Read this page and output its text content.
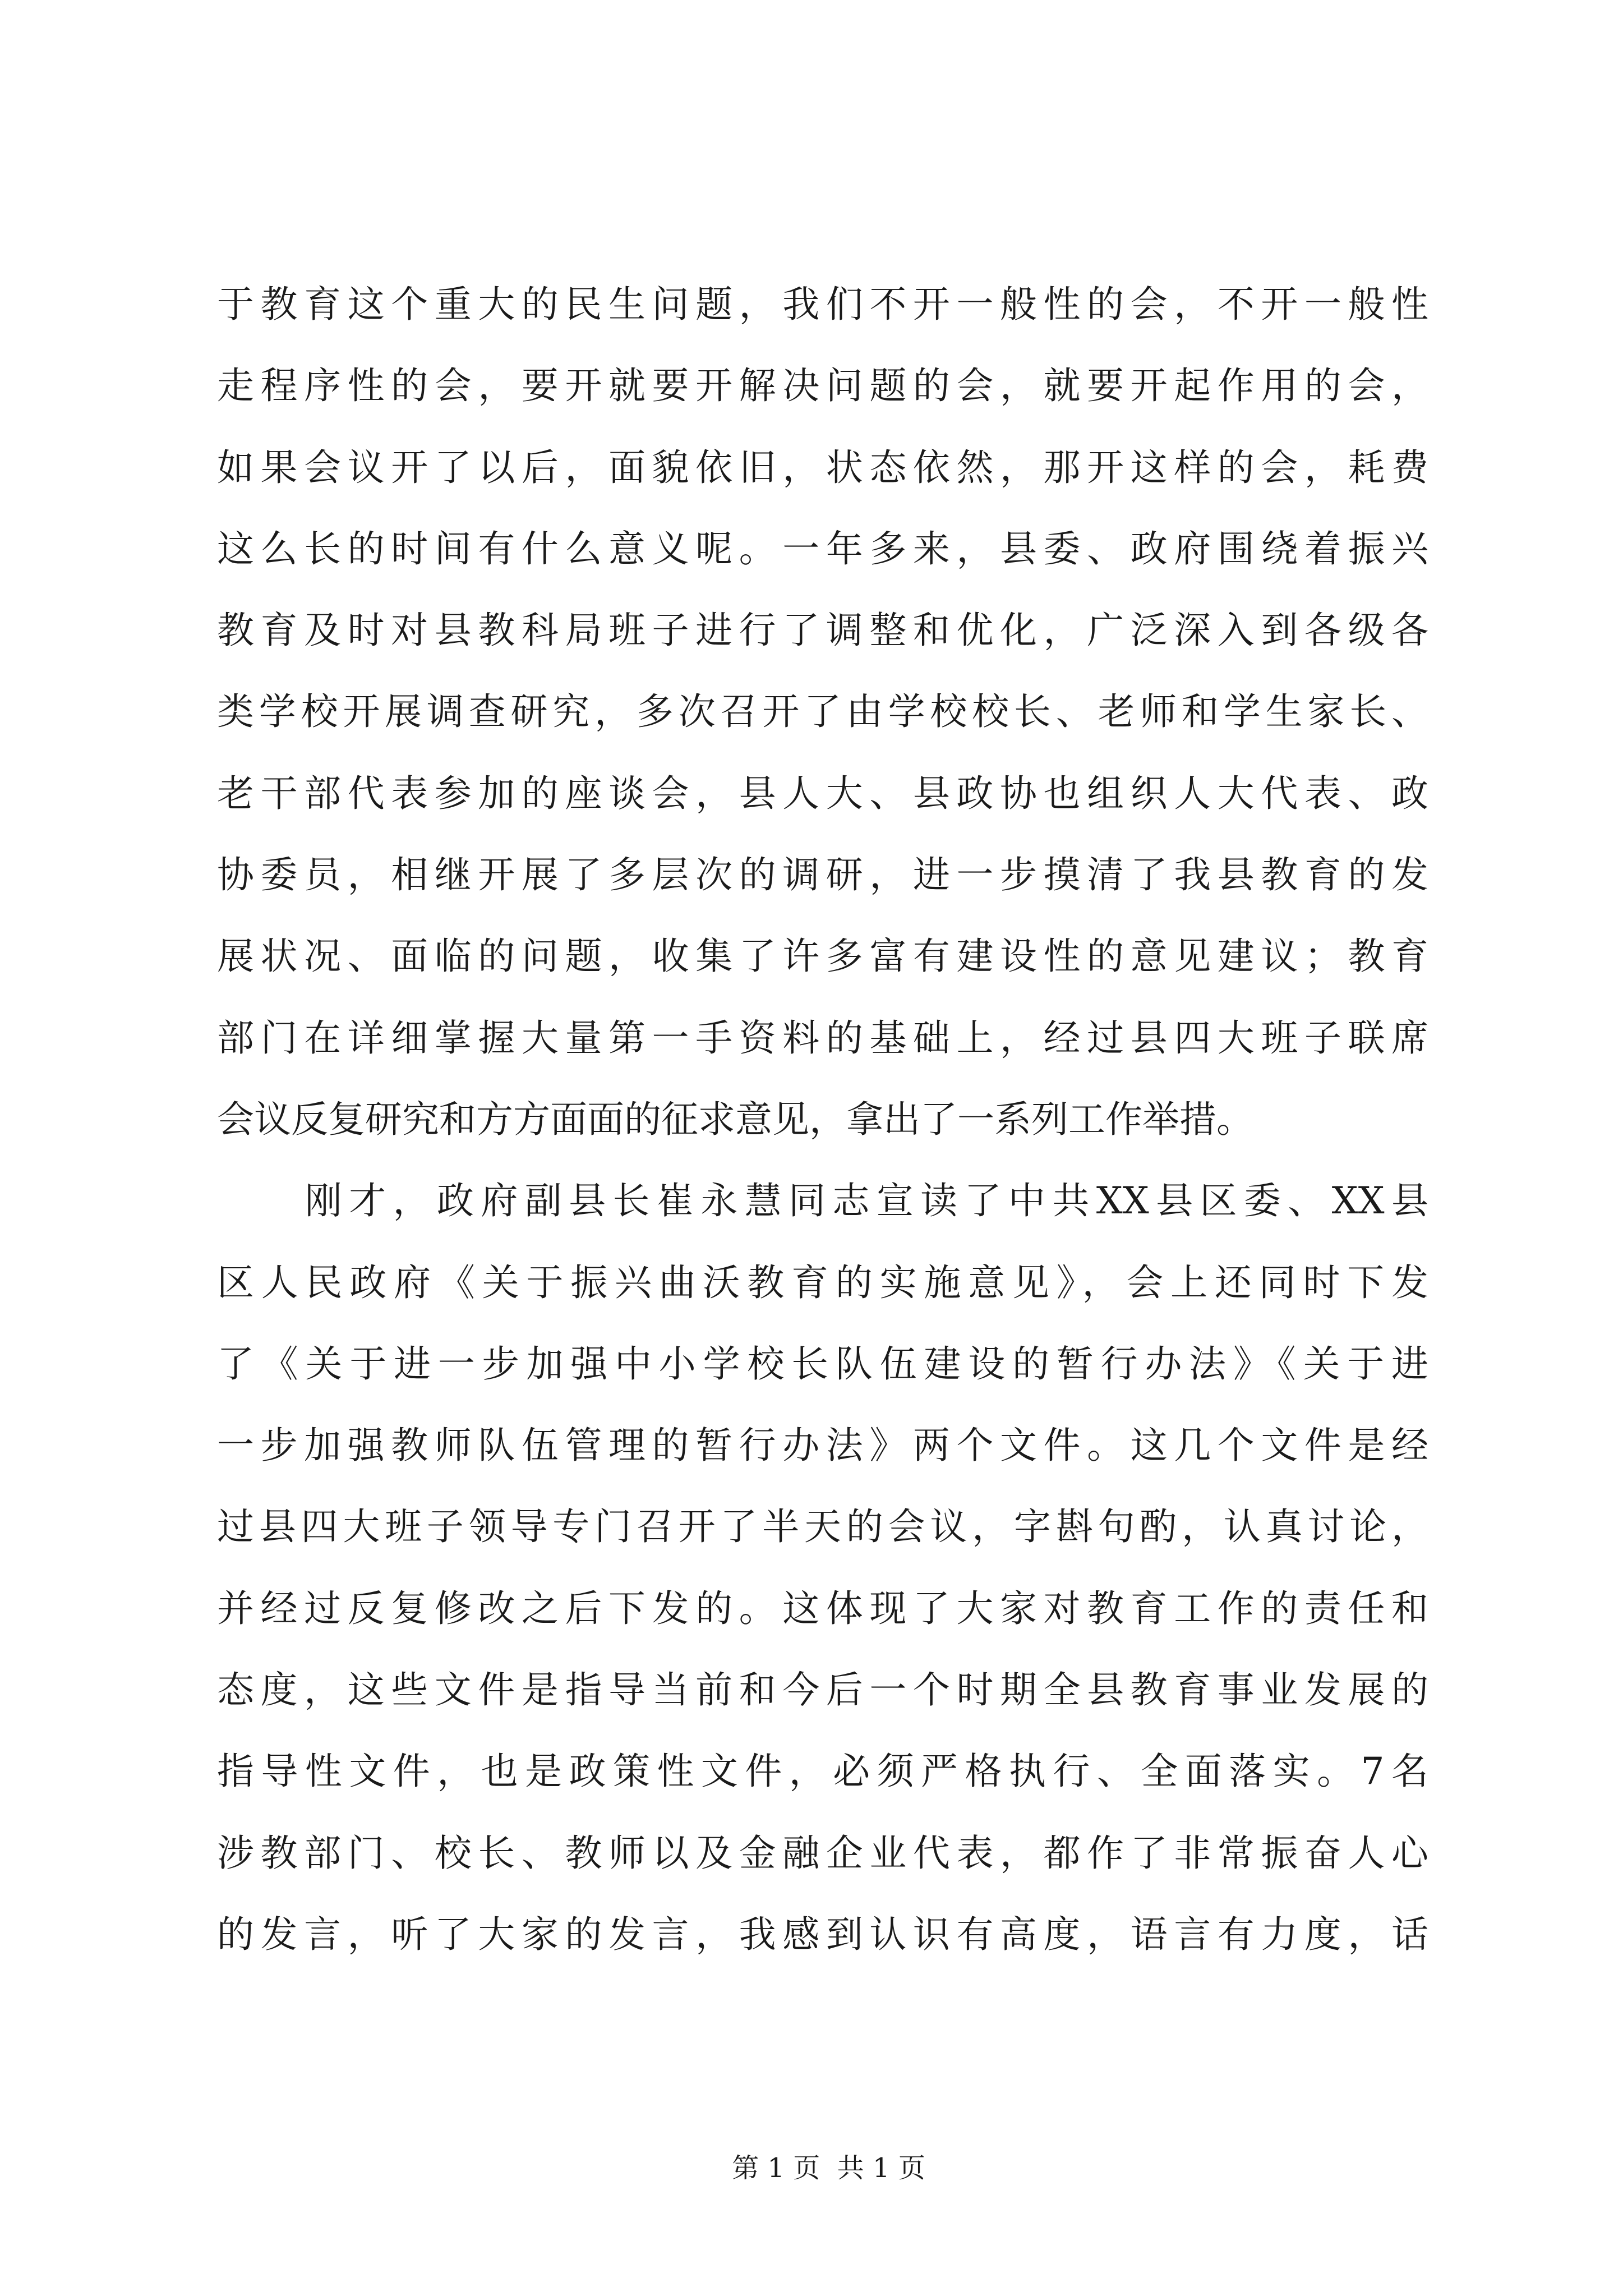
于教育这个重大的民生问题，我们不开一般性的会，不开一般性
走程序性的会，要开就要开解决问题的会，就要开起作用的会，
如果会议开了以后，面貌依旧，状态依然，那开这样的会，耗费
这么长的时间有什么意义呢。一年多来，县委、政府围绕着振兴
教育及时对县教科局班子进行了调整和优化，广泛深入到各级各
类学校开展调查研究，多次召开了由学校校长、老师和学生家长、
老干部代表参加的座谈会，县人大、县政协也组织人大代表、政
协委员，相继开展了多层次的调研，进一步摸清了我县教育的发
展状况、面临的问题，收集了许多富有建设性的意见建议；教育
部门在详细掌握大量第一手资料的基础上，经过县四大班子联席
会议反复研究和方方面面的征求意见，拿出了一系列工作举措。
　　刚才，政府副县长崔永慧同志宣读了中共XX县区委、XX县
区人民政府《关于振兴曲沃教育的实施意见》，会上还同时下发
了《关于进一步加强中小学校长队伍建设的暂行办法》《关于进
一步加强教师队伍管理的暂行办法》两个文件。这几个文件是经
过县四大班子领导专门召开了半天的会议，字斟句酌，认真讨论，
并经过反复修改之后下发的。这体现了大家对教育工作的责任和
态度，这些文件是指导当前和今后一个时期全县教育事业发展的
指导性文件，也是政策性文件，必须严格执行、全面落实。7名
涉教部门、校长、教师以及金融企业代表，都作了非常振奋人心
的发言，听了大家的发言，我感到认识有高度，语言有力度，话

第 1 页  共 1 页
